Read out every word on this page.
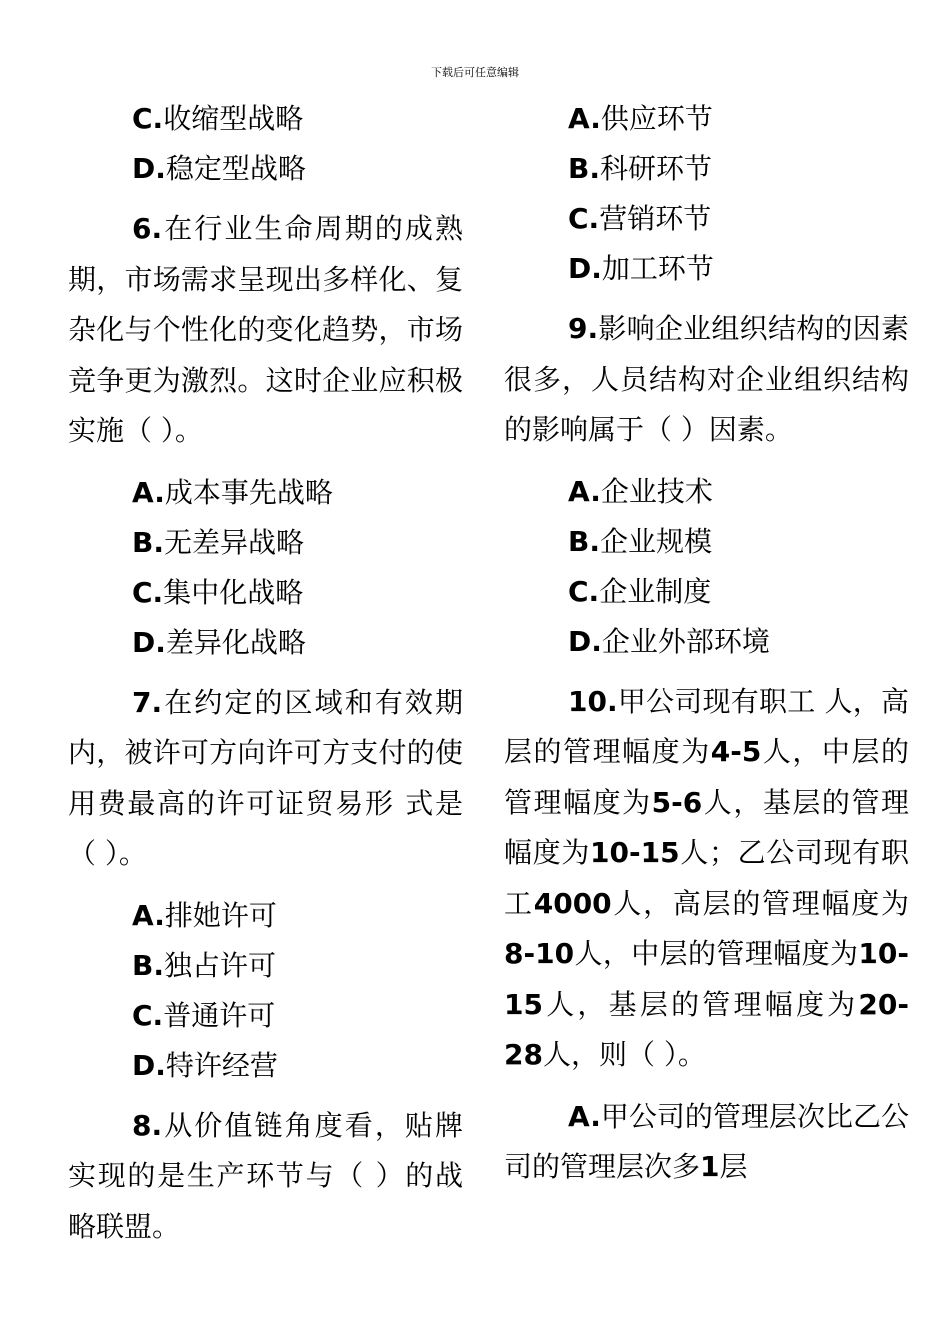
下载后可任意编辑
C.收缩型战略
D.稳定型战略
6.在行业生命周期的成熟期，市场需求呈现出多样化、复杂化与个性化的变化趋势，市场竞争更为激烈。这时企业应积极实施（ ）。
A.成本事先战略
B.无差异战略
C.集中化战略
D.差异化战略
7.在约定的区域和有效期内，被许可方向许可方支付的使用费最高的许可证贸易形 式是（ ）。
A.排她许可
B.独占许可
C.普通许可
D.特许经营
8.从价值链角度看，贴牌实现的是生产环节与（ ）的战略联盟。
A.供应环节
B.科研环节
C.营销环节
D.加工环节
9.影响企业组织结构的因素很多，人员结构对企业组织结构的影响属于（ ）因素。
A.企业技术
B.企业规模
C.企业制度
D.企业外部环境
10.甲公司现有职工 人，高层的管理幅度为4-5人，中层的管理幅度为5-6人，基层的管理幅度为10-15人；乙公司现有职工4000人，高层的管理幅度为8-10人，中层的管理幅度为10-15人，基层的管理幅度为20-28人，则（ ）。
A.甲公司的管理层次比乙公司的管理层次多1层
